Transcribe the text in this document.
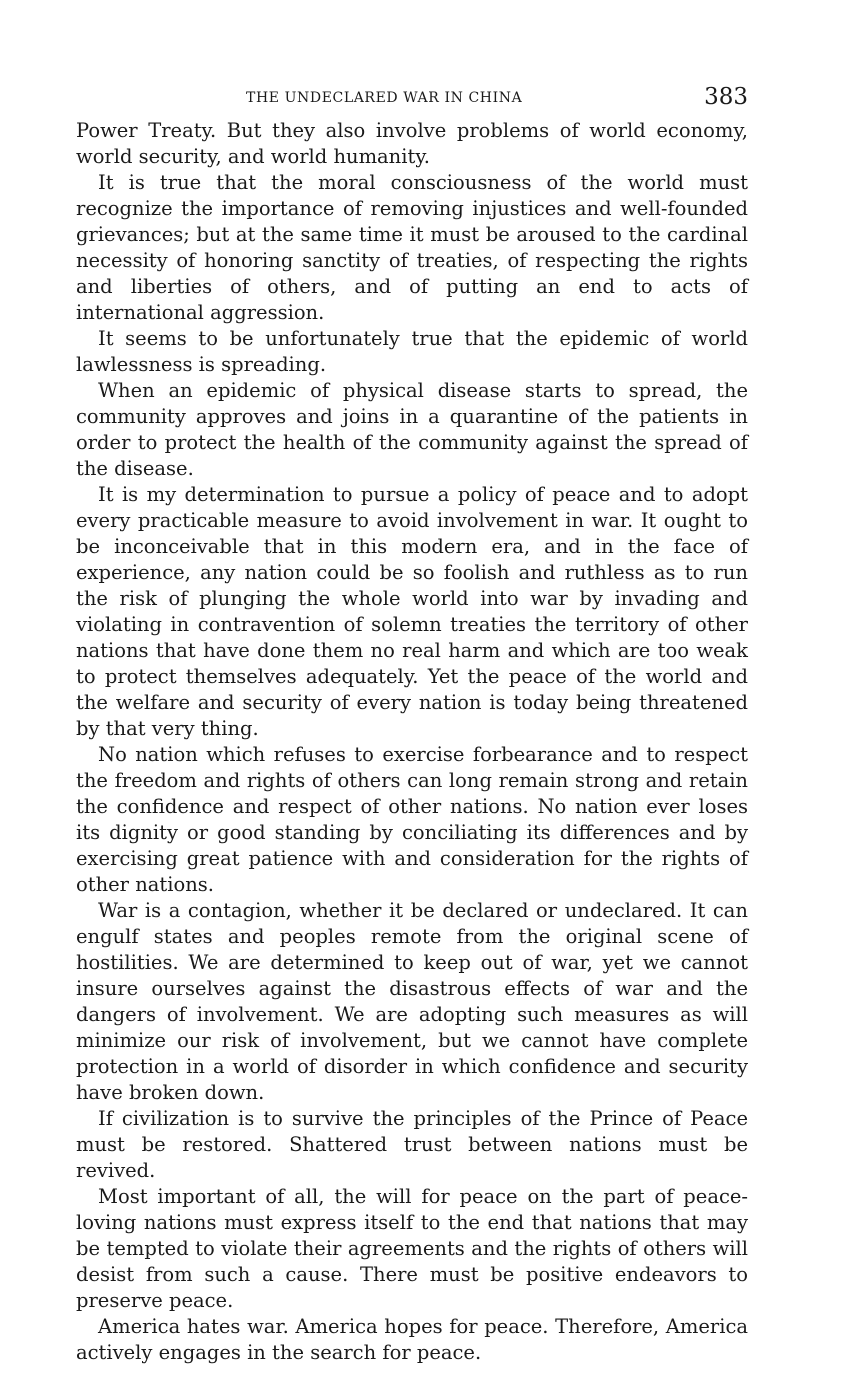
THE UNDECLARED WAR IN CHINA	383

Power Treaty. But they also involve problems of world economy, world security, and world humanity.

It is true that the moral consciousness of the world must recognize the importance of removing injustices and well-founded grievances; but at the same time it must be aroused to the cardinal necessity of honoring sanctity of treaties, of respecting the rights and liberties of others, and of putting an end to acts of international aggression.

It seems to be unfortunately true that the epidemic of world lawlessness is spreading.

When an epidemic of physical disease starts to spread, the community approves and joins in a quarantine of the patients in order to protect the health of the community against the spread of the disease.

It is my determination to pursue a policy of peace and to adopt every practicable measure to avoid involvement in war. It ought to be inconceivable that in this modern era, and in the face of experience, any nation could be so foolish and ruthless as to run the risk of plunging the whole world into war by invading and violating in contravention of solemn treaties the territory of other nations that have done them no real harm and which are too weak to protect themselves adequately. Yet the peace of the world and the welfare and security of every nation is today being threatened by that very thing.

No nation which refuses to exercise forbearance and to respect the freedom and rights of others can long remain strong and retain the confidence and respect of other nations. No nation ever loses its dignity or good standing by conciliating its differences and by exercising great patience with and consideration for the rights of other nations.

War is a contagion, whether it be declared or undeclared. It can engulf states and peoples remote from the original scene of hostilities. We are determined to keep out of war, yet we cannot insure ourselves against the disastrous effects of war and the dangers of involvement. We are adopting such measures as will minimize our risk of involvement, but we cannot have complete protection in a world of disorder in which confidence and security have broken down.

If civilization is to survive the principles of the Prince of Peace must be restored. Shattered trust between nations must be revived.

Most important of all, the will for peace on the part of peace-loving nations must express itself to the end that nations that may be tempted to violate their agreements and the rights of others will desist from such a cause. There must be positive endeavors to preserve peace.

America hates war. America hopes for peace. Therefore, America actively engages in the search for peace.
